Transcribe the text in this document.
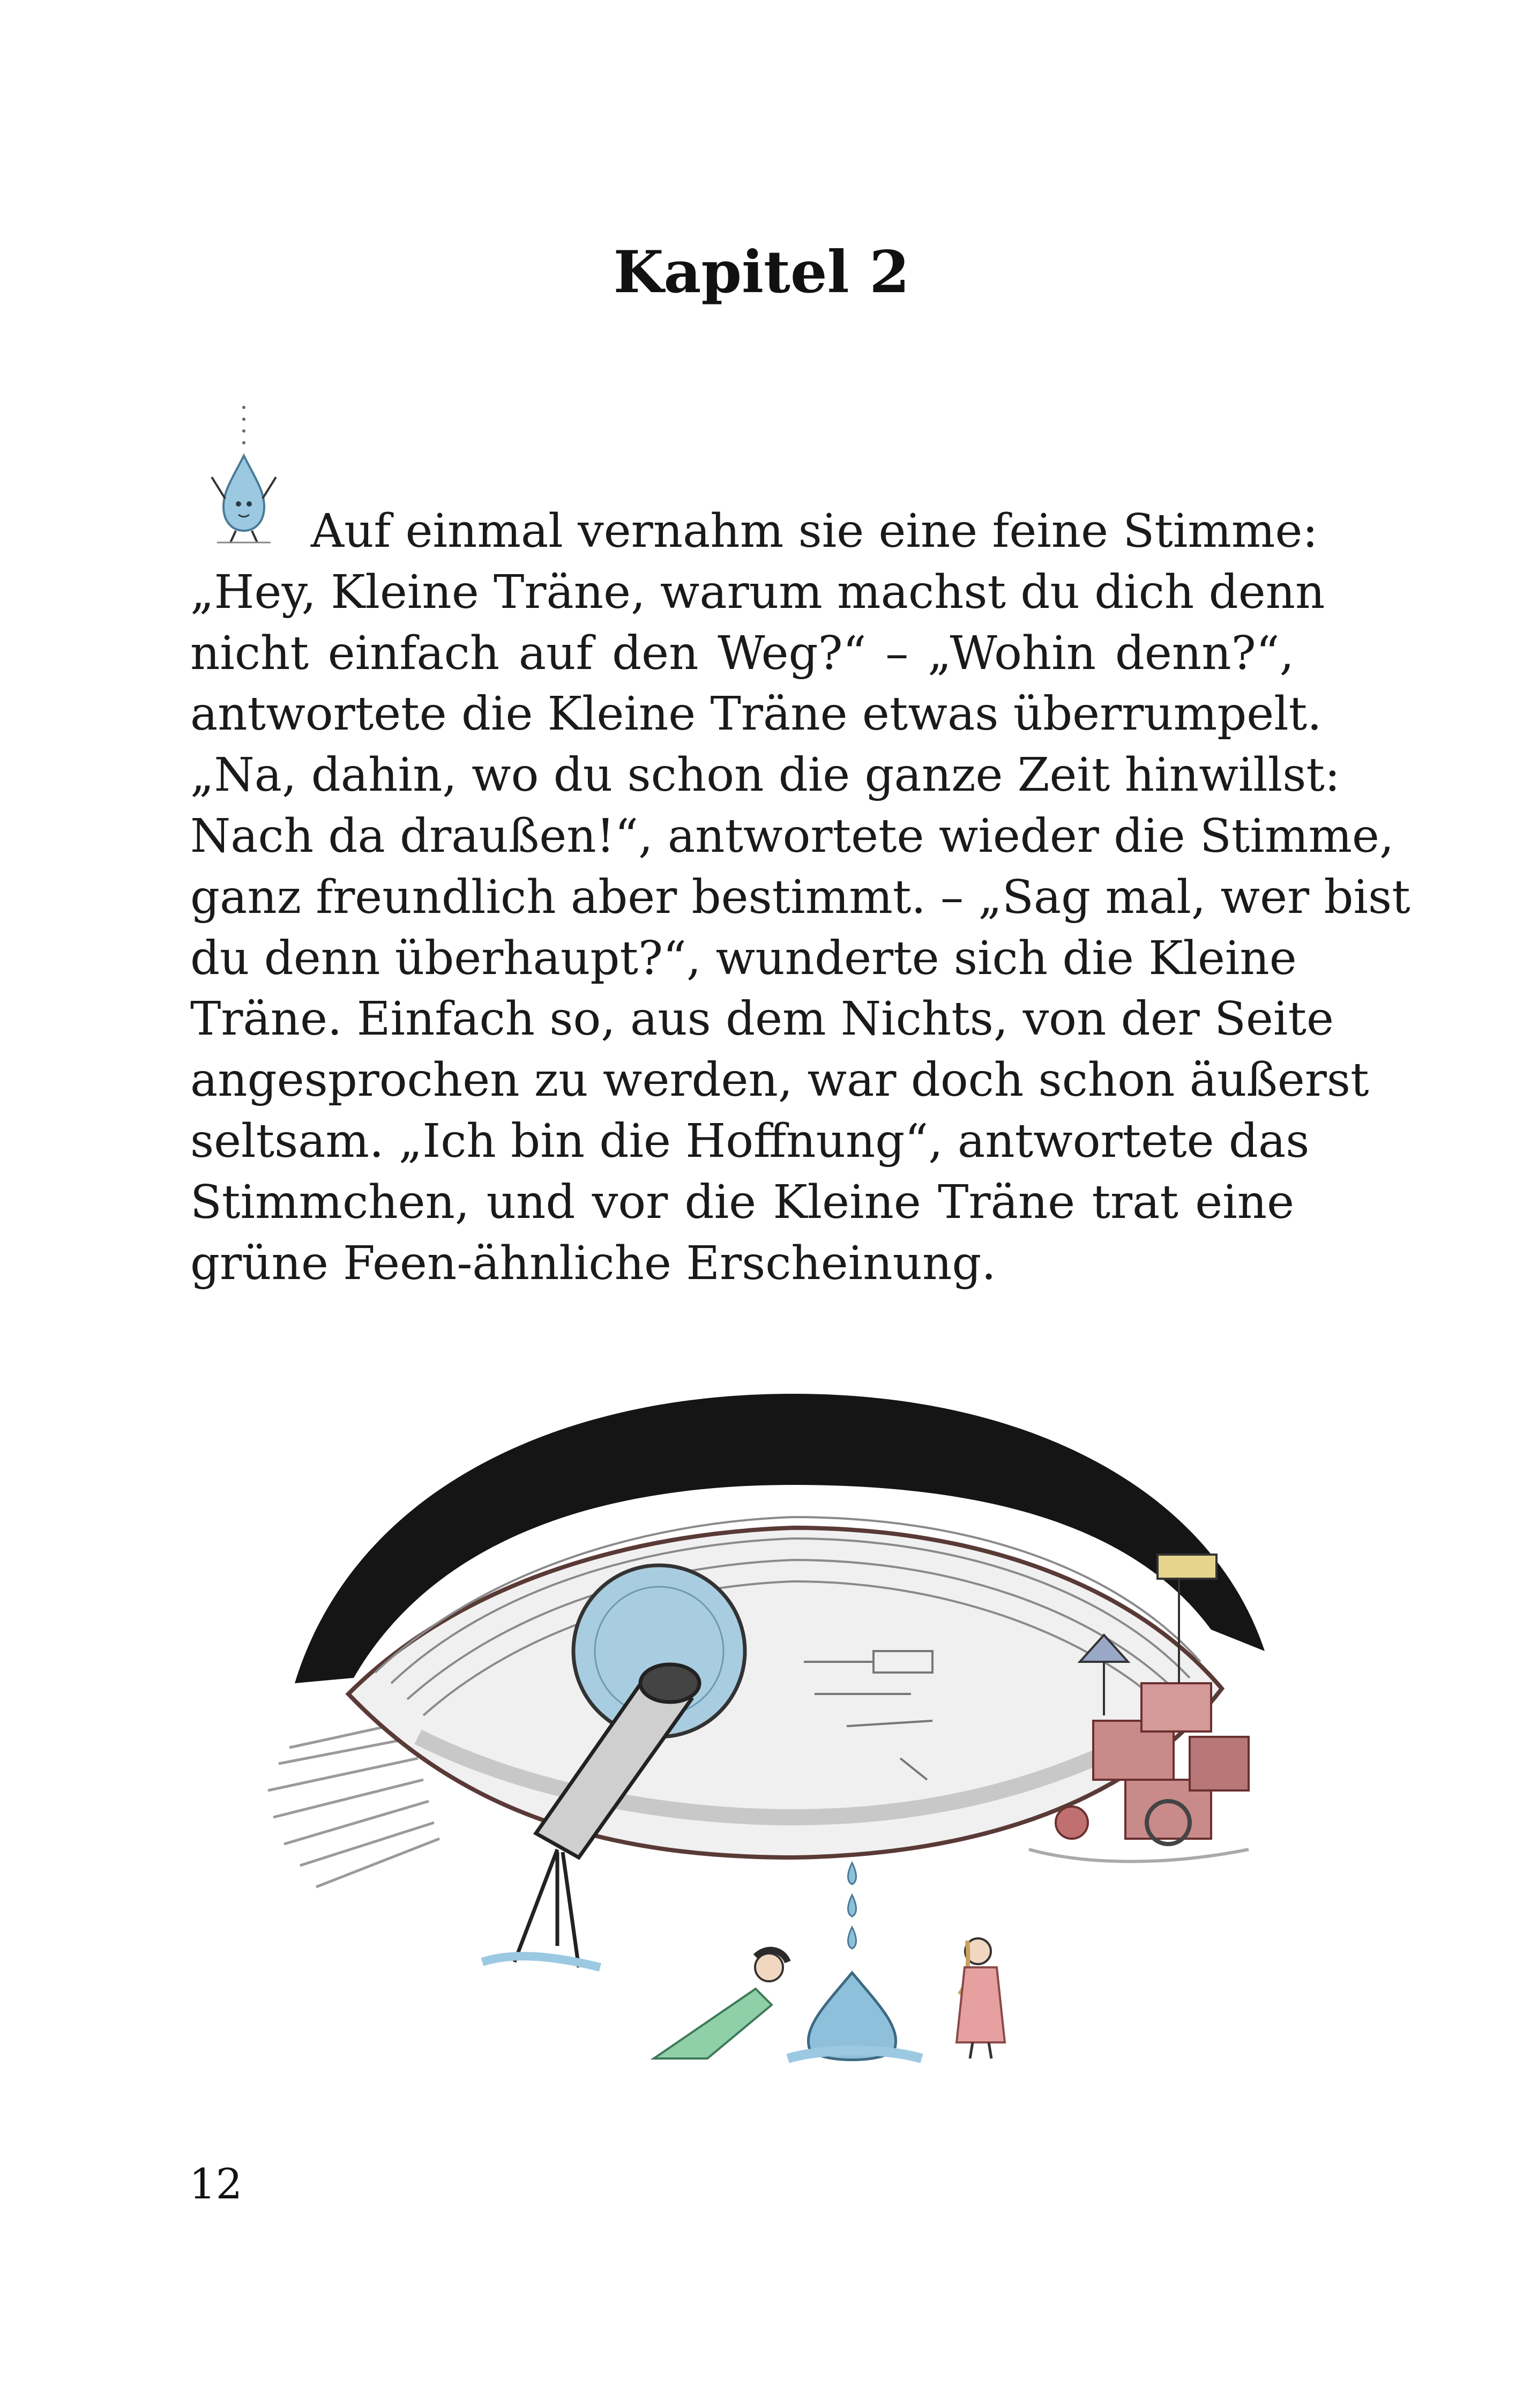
Kapitel 2
Auf einmal vernahm sie eine feine Stimme:
„Hey, Kleine Träne, warum machst du dich denn
nicht einfach auf den Weg?“ – „Wohin denn?“,
antwortete die Kleine Träne etwas überrumpelt.
„Na, dahin, wo du schon die ganze Zeit hinwillst:
Nach da draußen!“, antwortete wieder die Stimme,
ganz freundlich aber bestimmt. – „Sag mal, wer bist
du denn überhaupt?“, wunderte sich die Kleine
Träne. Einfach so, aus dem Nichts, von der Seite
angesprochen zu werden, war doch schon äußerst
seltsam. „Ich bin die Hoffnung“, antwortete das
Stimmchen, und vor die Kleine Träne trat eine
grüne Feen-ähnliche Erscheinung.
12
